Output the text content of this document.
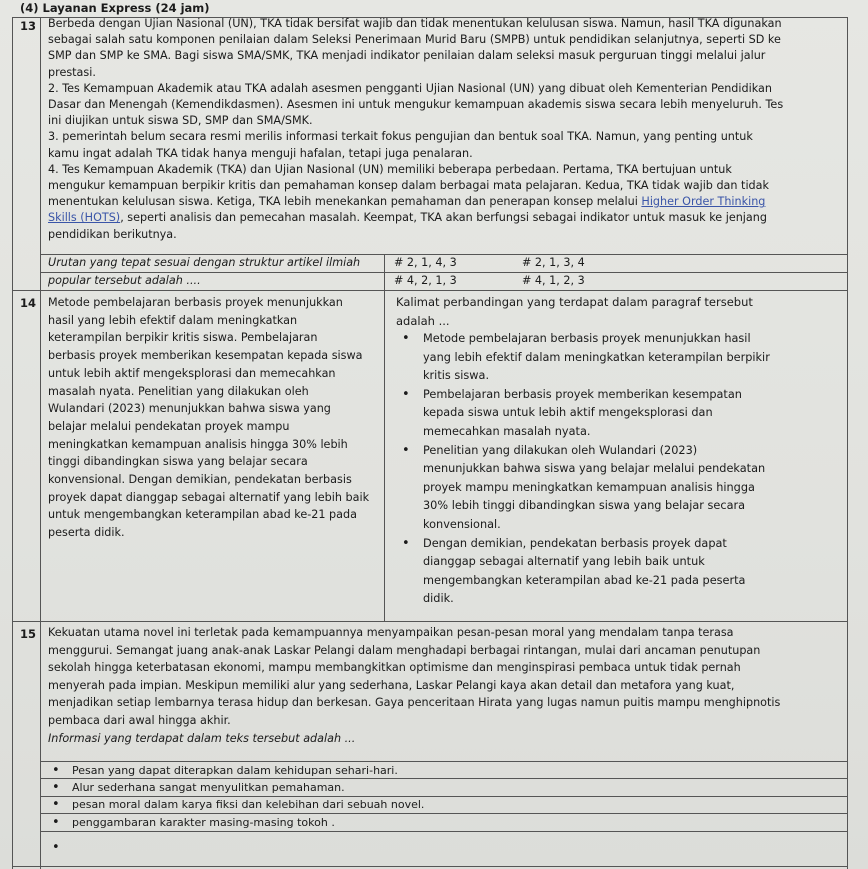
(4) Layanan Express (24 jam)
13 Berbeda dengan Ujian Nasional (UN), TKA tidak bersifat wajib dan tidak menentukan kelulusan siswa. Namun, hasil TKA digunakan
sebagai salah satu komponen penilaian dalam Seleksi Penerimaan Murid Baru (SMPB) untuk pendidikan selanjutnya, seperti SD ke
SMP dan SMP ke SMA. Bagi siswa SMA/SMK, TKA menjadi indikator penilaian dalam seleksi masuk perguruan tinggi melalui jalur
prestasi.
2. Tes Kemampuan Akademik atau TKA adalah asesmen pengganti Ujian Nasional (UN) yang dibuat oleh Kementerian Pendidikan
Dasar dan Menengah (Kemendikdasmen). Asesmen ini untuk mengukur kemampuan akademis siswa secara lebih menyeluruh. Tes
ini diujikan untuk siswa SD, SMP dan SMA/SMK.
3. pemerintah belum secara resmi merilis informasi terkait fokus pengujian dan bentuk soal TKA. Namun, yang penting untuk
kamu ingat adalah TKA tidak hanya menguji hafalan, tetapi juga penalaran.
4. Tes Kemampuan Akademik (TKA) dan Ujian Nasional (UN) memiliki beberapa perbedaan. Pertama, TKA bertujuan untuk
mengukur kemampuan berpikir kritis dan pemahaman konsep dalam berbagai mata pelajaran. Kedua, TKA tidak wajib dan tidak
menentukan kelulusan siswa. Ketiga, TKA lebih menekankan pemahaman dan penerapan konsep melalui Higher Order Thinking
Skills (HOTS), seperti analisis dan pemecahan masalah. Keempat, TKA akan berfungsi sebagai indikator untuk masuk ke jenjang
pendidikan berikutnya.
Urutan yang tepat sesuai dengan struktur artikel ilmiah
popular tersebut adalah ....
# 2, 1, 4, 3	# 2, 1, 3, 4
# 4, 2, 1, 3	# 4, 1, 2, 3
14 Metode pembelajaran berbasis proyek menunjukkan
hasil yang lebih efektif dalam meningkatkan
keterampilan berpikir kritis siswa. Pembelajaran
berbasis proyek memberikan kesempatan kepada siswa
untuk lebih aktif mengeksplorasi dan memecahkan
masalah nyata. Penelitian yang dilakukan oleh
Wulandari (2023) menunjukkan bahwa siswa yang
belajar melalui pendekatan proyek mampu
meningkatkan kemampuan analisis hingga 30% lebih
tinggi dibandingkan siswa yang belajar secara
konvensional. Dengan demikian, pendekatan berbasis
proyek dapat dianggap sebagai alternatif yang lebih baik
untuk mengembangkan keterampilan abad ke-21 pada
peserta didik.
Kalimat perbandingan yang terdapat dalam paragraf tersebut
adalah ...
• Metode pembelajaran berbasis proyek menunjukkan hasil
yang lebih efektif dalam meningkatkan keterampilan berpikir
kritis siswa.
• Pembelajaran berbasis proyek memberikan kesempatan
kepada siswa untuk lebih aktif mengeksplorasi dan
memecahkan masalah nyata.
• Penelitian yang dilakukan oleh Wulandari (2023)
menunjukkan bahwa siswa yang belajar melalui pendekatan
proyek mampu meningkatkan kemampuan analisis hingga
30% lebih tinggi dibandingkan siswa yang belajar secara
konvensional.
• Dengan demikian, pendekatan berbasis proyek dapat
dianggap sebagai alternatif yang lebih baik untuk
mengembangkan keterampilan abad ke-21 pada peserta
didik.
15 Kekuatan utama novel ini terletak pada kemampuannya menyampaikan pesan-pesan moral yang mendalam tanpa terasa
menggurui. Semangat juang anak-anak Laskar Pelangi dalam menghadapi berbagai rintangan, mulai dari ancaman penutupan
sekolah hingga keterbatasan ekonomi, mampu membangkitkan optimisme dan menginspirasi pembaca untuk tidak pernah
menyerah pada impian. Meskipun memiliki alur yang sederhana, Laskar Pelangi kaya akan detail dan metafora yang kuat,
menjadikan setiap lembarnya terasa hidup dan berkesan. Gaya penceritaan Hirata yang lugas namun puitis mampu menghipnotis
pembaca dari awal hingga akhir.
Informasi yang terdapat dalam teks tersebut adalah ...
• Pesan yang dapat diterapkan dalam kehidupan sehari-hari.
• Alur sederhana sangat menyulitkan pemahaman.
• pesan moral dalam karya fiksi dan kelebihan dari sebuah novel.
• penggambaran karakter masing-masing tokoh .
